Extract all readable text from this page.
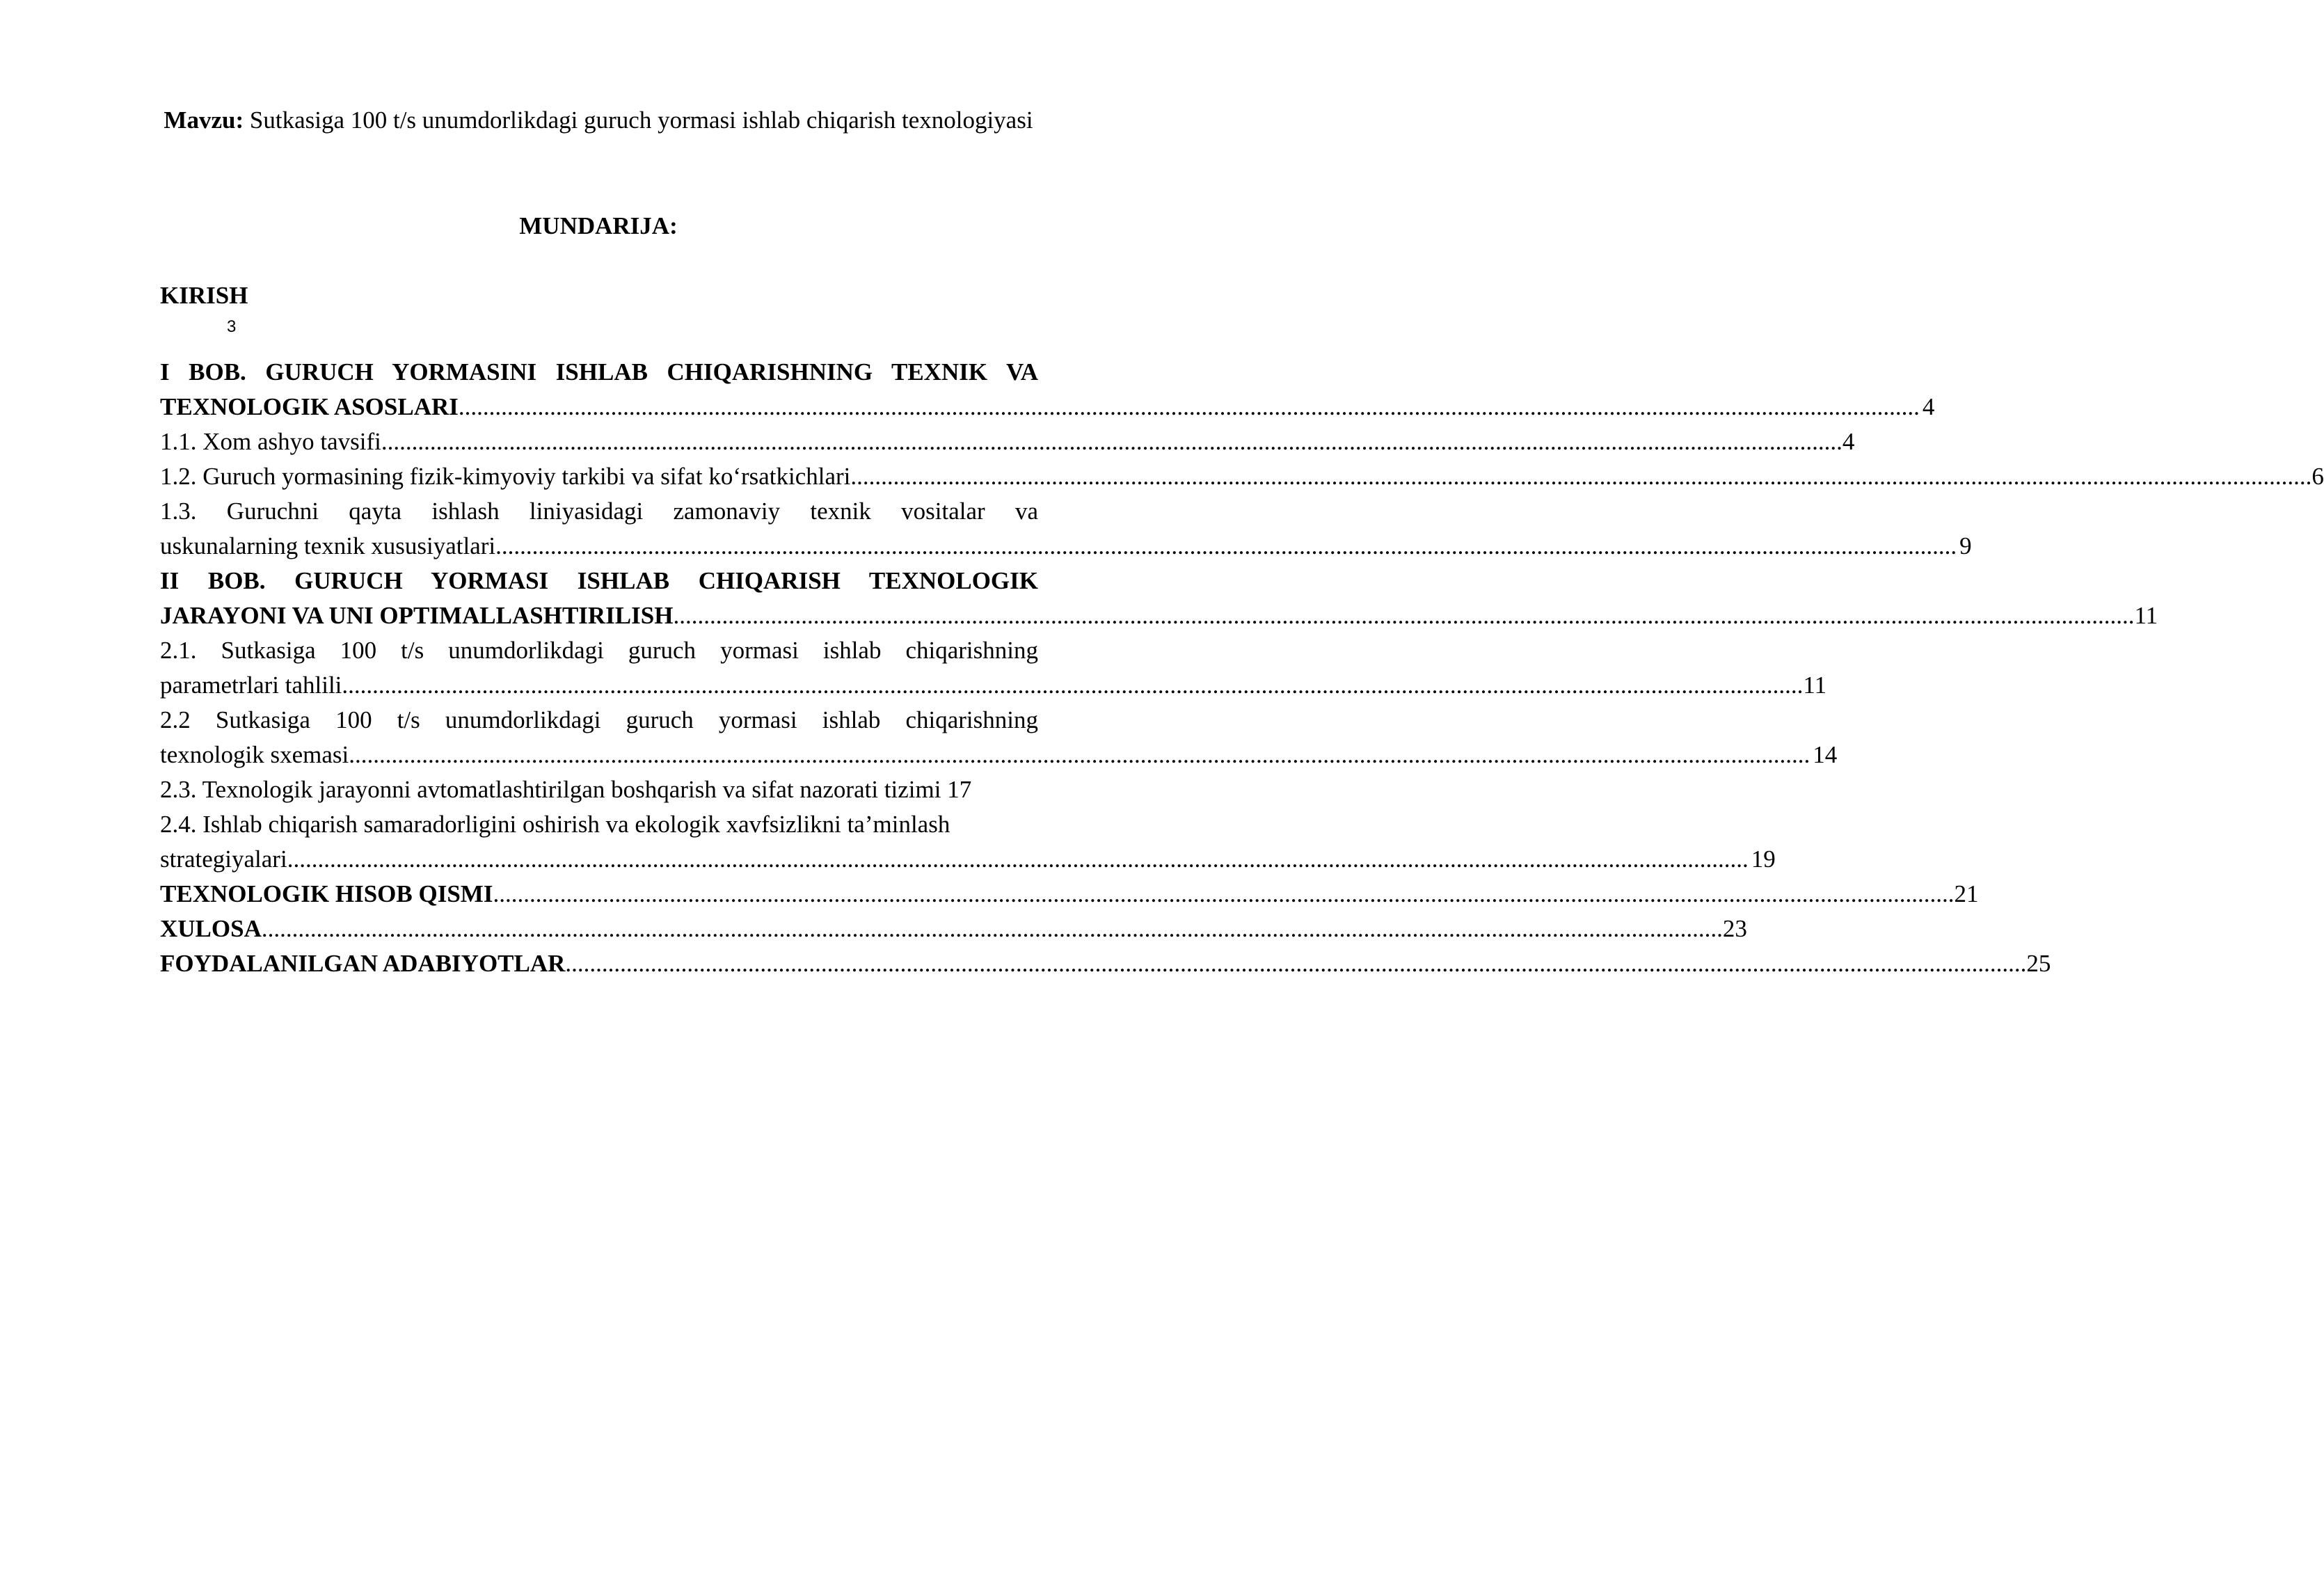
Mavzu: Sutkasiga 100 t/s unumdorlikdagi guruch yormasi ishlab chiqarish texnologiyasi
MUNDARIJA:
KIRISH
3
I BOB. GURUCH YORMASINI ISHLAB CHIQARISHNING TEXNIK VA
TEXNOLOGIK ASOSLARI .....	4
1.1. Xom ashyo tavsifi .....	4
1.2. Guruch yormasining fizik-kimyoviy tarkibi va sifat ko‘rsatkichlari .....	6
1.3. Guruchni qayta ishlash liniyasidagi zamonaviy texnik vositalar va
uskunalarning texnik xususiyatlari .....	9
II BOB. GURUCH YORMASI ISHLAB CHIQARISH TEXNOLOGIK
JARAYONI VA UNI OPTIMALLASHTIRILISH .....	11
2.1. Sutkasiga 100 t/s unumdorlikdagi guruch yormasi ishlab chiqarishning
parametrlari tahlili .....	11
2.2 Sutkasiga 100 t/s unumdorlikdagi guruch yormasi ishlab chiqarishning
texnologik sxemasi .....	14
2.3. Texnologik jarayonni avtomatlashtirilgan boshqarish va sifat nazorati tizimi 17
2.4. Ishlab chiqarish samaradorligini oshirish va ekologik xavfsizlikni ta’minlash
strategiyalari .....	19
TEXNOLOGIK HISOB QISMI .....	21
XULOSA .....	23
FOYDALANILGAN ADABIYOTLAR .....	25
